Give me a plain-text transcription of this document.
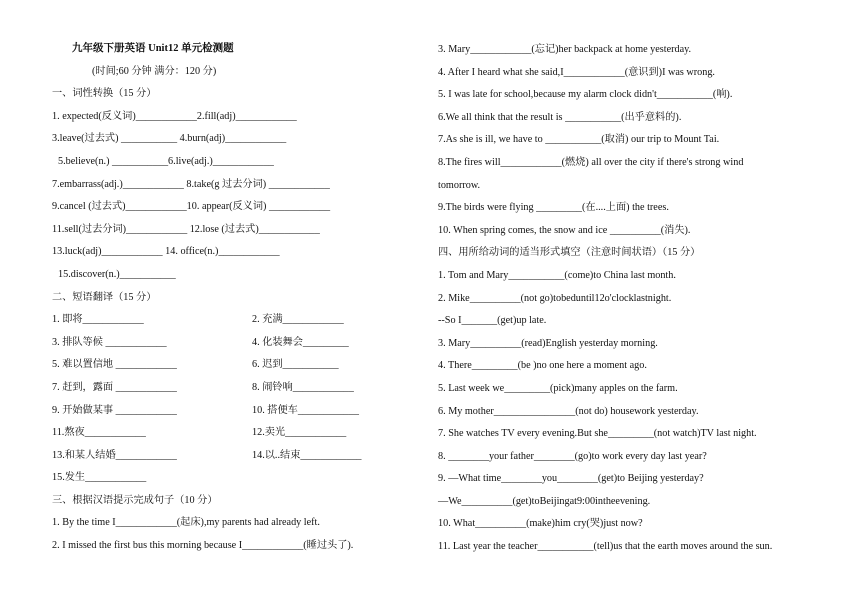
九年级下册英语 Unit12 单元检测题
(时间;60 分钟 满分：120 分)
一、词性转换（15 分）
1. expected(反义词)____________2.fill(adj)____________
3.leave(过去式) ___________ 4.burn(adj)____________
5.believe(n.) ___________6.live(adj.)____________
7.embarrass(adj.)____________ 8.take(g 过去分词) ____________
9.cancel (过去式)____________10. appear(反义词) ____________
11.sell(过去分词)____________ 12.lose (过去式)____________
13.luck(adj)____________ 14. office(n.)____________
15.discover(n.)___________
二、短语翻译（15 分）
1. 即将____________	2. 充满____________
3. 排队等候 ____________	4. 化装舞会_________
5. 难以置信地 ____________	6. 迟到___________
7. 赶到，露面 ____________	8. 闹铃响____________
9. 开始做某事 ____________	10. 搭便车____________
11.熬夜____________	12.卖光____________
13.和某人结婚____________	14.以..结束____________
15.发生____________
三、根据汉语提示完成句子（10 分）
1. By the time I____________(起床),my parents had already left.
2. I missed the first bus this morning because I____________(睡过头了).
3. Mary____________(忘记)her backpack at home yesterday.
4. After I heard what she said,I____________(意识到)I was wrong.
5. I was late for school,because my alarm clock didn't___________(响).
6.We all think that the result is ___________(出乎意料的).
7.As she is ill, we have to ___________(取消) our trip to Mount Tai.
8.The fires will____________(燃烧) all over the city if there's strong wind
tomorrow.
9.The birds were flying _________(在....上面) the trees.
10. When spring comes, the snow and ice __________(消失).
四、用所给动词的适当形式填空（注意时间状语）（15 分）
1. Tom and Mary___________(come)to China last month.
2. Mike__________(not go)tobeduntil12o'clocklastnight.
--So I_______(get)up late.
3. Mary__________(read)English yesterday morning.
4. There_________(be )no one here a moment ago.
5. Last week we_________(pick)many apples on the farm.
6. My mother________________(not do) housework yesterday.
7. She watches TV every evening.But she_________(not watch)TV last night.
8. ________your father________(go)to work every day last year?
9. —What time________you________(get)to Beijing yesterday?
—We__________(get)toBeijingat9:00intheevening.
10. What__________(make)him cry(哭)just now?
11. Last year the teacher___________(tell)us that the earth moves around the sun.
